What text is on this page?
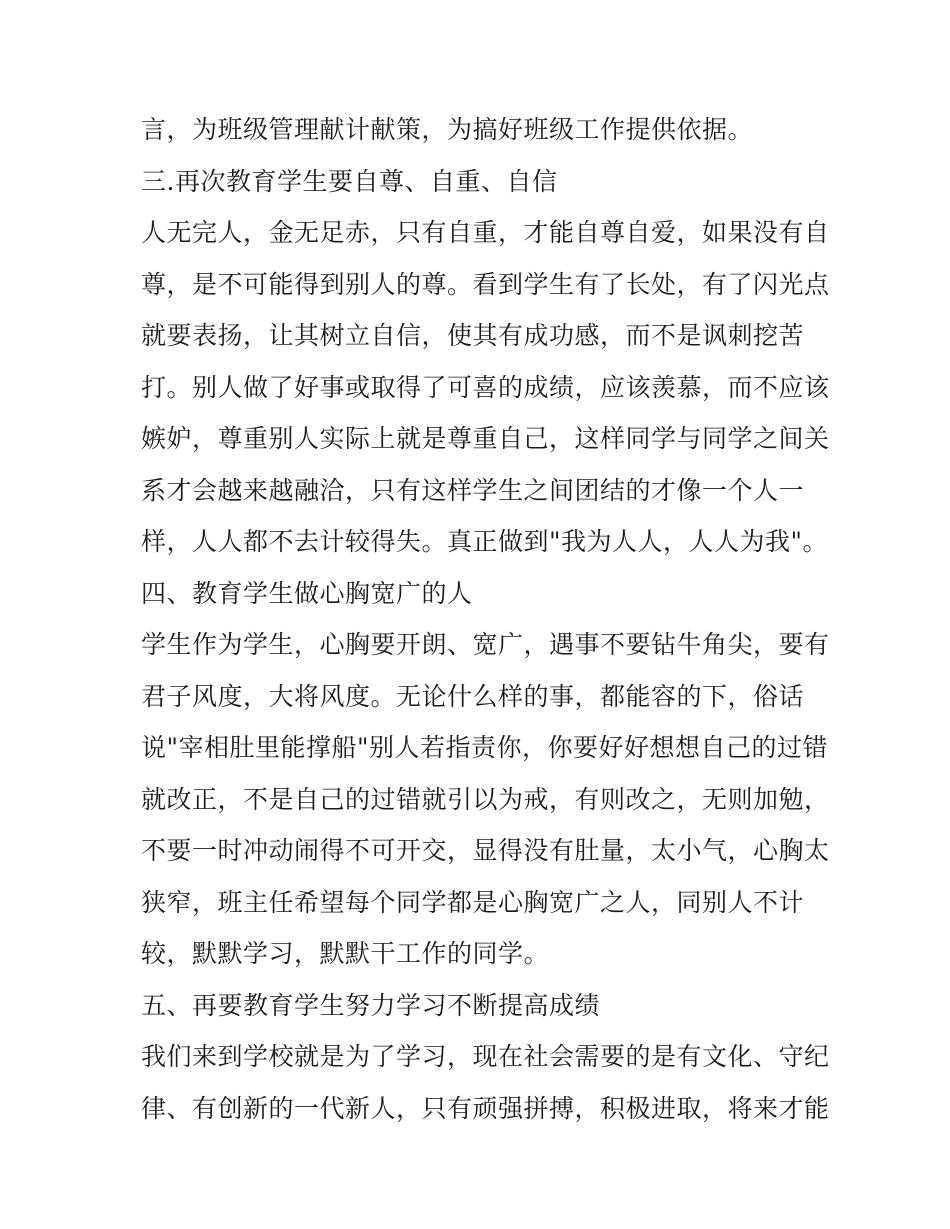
言，为班级管理献计献策，为搞好班级工作提供依据。
三.再次教育学生要自尊、自重、自信
人无完人，金无足赤，只有自重，才能自尊自爱，如果没有自
尊，是不可能得到别人的尊。看到学生有了长处，有了闪光点
就要表扬，让其树立自信，使其有成功感，而不是讽刺挖苦
打。别人做了好事或取得了可喜的成绩，应该羡慕，而不应该
嫉妒，尊重别人实际上就是尊重自己，这样同学与同学之间关
系才会越来越融洽，只有这样学生之间团结的才像一个人一
样，人人都不去计较得失。真正做到"我为人人，人人为我"。
四、教育学生做心胸宽广的人
学生作为学生，心胸要开朗、宽广，遇事不要钻牛角尖，要有
君子风度，大将风度。无论什么样的事，都能容的下，俗话
说"宰相肚里能撑船"别人若指责你，你要好好想想自己的过错
就改正，不是自己的过错就引以为戒，有则改之，无则加勉，
不要一时冲动闹得不可开交，显得没有肚量，太小气，心胸太
狭窄，班主任希望每个同学都是心胸宽广之人，同别人不计
较，默默学习，默默干工作的同学。
五、再要教育学生努力学习不断提高成绩
我们来到学校就是为了学习，现在社会需要的是有文化、守纪
律、有创新的一代新人，只有顽强拼搏，积极进取，将来才能
